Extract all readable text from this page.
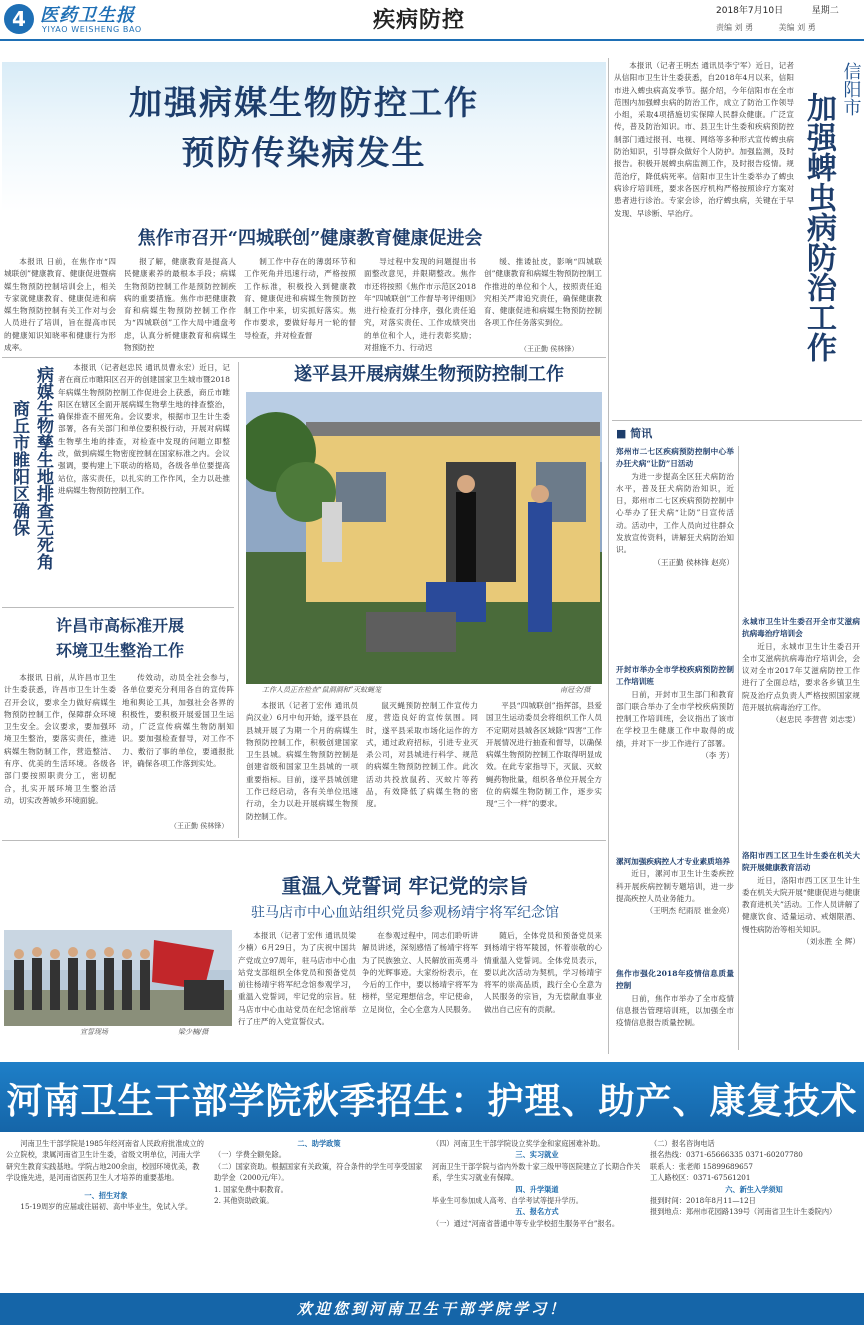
4 医药卫生报
YIYAO WEISHENG BAO	疾病防控	2018年7月10日	星期二
责编 刘 勇	美编 刘 勇
加强病媒生物防控工作
预防传染病发生
焦作市召开“四城联创”健康教育健康促进会

本报讯 日前，在焦作市“四城联创”健康教育、健康促进暨病媒生物预防控制培训会上，相关专家就健康教育、健康促进和病媒生物预防控制有关工作对与会人员进行了培训，旨在提高市民的健康知识知晓率和健康行为形成率。

报了解，健康教育是提高人民健康素养的最根本手段；病媒生物预防控制工作是预防控制疾病的重要措施。焦作市把健康教育和病媒生物预防控制工作作为“四城联创”工作大局中通盘考虑，认真分析健康教育和病媒生物预防控

制工作中存在的薄弱环节和工作死角并迅速行动，严格按照工作标准，积极投入到健康教育、健康促进和病媒生物预防控制工作中来，切实抓好落实。焦作市要求，要做好每月一轮的督导检查，并对检查督

导过程中发现的问题提出书面整改意见，并限期整改。焦作市还将按照《焦作市示范区2018年“四城联创”工作督导考评细则》进行检查打分排序，强化责任追究，对落实责任、工作成绩突出的单位和个人，进行表彰奖励；对措施不力、行动迟

缓、推诿扯皮，影响“四城联创”健康教育和病媒生物预防控制工作推进的单位和个人，按照责任追究相关严肃追究责任，确保健康教育、健康促进和病媒生物预防控制各项工作任务落实到位。

（王正勤 侯林锋）
病媒生物孳生地排查无死角
商丘市睢阳区确保

本报讯（记者赵忠民 通讯员曹永宏）近日，记者在商丘市睢阳区召开的创建国家卫生城市暨2018年病媒生物预防控制工作促进会上获悉，商丘市睢阳区在辖区全面开展病媒生物孳生地的排查整治，确保排查不留死角。会议要求，根据市卫生计生委部署，各有关部门和单位要积极行动，开展对病媒生物孳生地的排查，对检查中发现的问题立即整改，做到病媒生物密度控制在国家标准之内。会议强调，要构建上下联动的格局，各级各单位要提高站位，落实责任，以扎实的工作作风，全力以赴推进病媒生物预防控制工作。

许昌市高标准开展
环境卫生整治工作

本报讯 日前，从许昌市卫生计生委获悉，许昌市卫生计生委召开会议，要求全力做好病媒生物预防控制工作，保障群众环境卫生安全。会议要求，要加强环境卫生整治，要落实责任，推进病媒生物防制工作，营造整洁、有序、优美的生活环境。各级各部门要按照职责分工，密切配合，扎实开展环境卫生整治活动，切实改善城乡环境面貌。

传效动，动员全社会参与，各单位要充分利用各自的宣传阵地和舆论工具，加强社会各界的积极性，要积极开展爱国卫生运动，广泛宣传病媒生物防制知识。要加强检查督导，对工作不力、敷衍了事的单位，要通报批评，确保各项工作落到实处。

（王正勤 侯林锋）
遂平县开展病媒生物预防控制工作
工作人员正在检查“鼠洞洞和”灭蚊蝇笼	南冠全/摄

本报讯（记者丁宏伟 通讯员尚汉业）6月中旬开始，遂平县在县城开展了为期一个月的病媒生物预防控制工作，积极创建国家卫生县城。病媒生物预防控制是创建省级和国家卫生县城的一项重要指标。目前，遂平县城创建工作已经启动，各有关单位迅速行动，全力以赴开展病媒生物预防控制工作。

鼠灭蝇预防控制工作宣传力度，营造良好的宣传氛围。同时，遂平县采取市场化运作的方式，通过政府招标，引进专业灭杀公司，对县城进行科学、规范的病媒生物预防控制工作。此次活动共投放鼠药、灭蚊片等药品，有效降低了病媒生物的密度。

平县“四城联创”指挥部，县爱国卫生运动委员会将组织工作人员不定期对县城各区域除“四害”工作开展情况进行抽查和督导，以确保病媒生物预防控制工作取得明显成效。在此专家指导下，灭鼠、灭蚊蝇药物批量，组织各单位开展全方位的病媒生物防制工作，逐步实现“三个一样”的要求。

重温入党誓词 牢记党的宗旨
驻马店市中心血站组织党员参观杨靖宇将军纪念馆
宣誓现场	梁少楠/摄

本报讯（记者丁宏伟 通讯员梁少楠）6月29日，为了庆祝中国共产党成立97周年，驻马店市中心血站党支部组织全体党员和预备党员前往杨靖宇将军纪念馆参观学习，重温入党誓词，牢记党的宗旨。驻马店市中心血站党员在纪念馆前举行了庄严的入党宣誓仪式。

在参观过程中，同志们聆听讲解员讲述，深刻感悟了杨靖宇将军为了民族独立、人民解放而英勇斗争的光辉事迹。大家纷纷表示，在今后的工作中，要以杨靖宇将军为榜样，坚定理想信念，牢记使命，立足岗位，全心全意为人民服务。

随后，全体党员和预备党员来到杨靖宇将军陵园，怀着崇敬的心情重温入党誓词。全体党员表示，要以此次活动为契机，学习杨靖宇将军的崇高品质，践行全心全意为人民服务的宗旨，为无偿献血事业做出自己应有的贡献。

信阳市
加强蜱虫病防治工作

本报讯（记者王明杰 通讯员李宁军）近日，记者从信阳市卫生计生委获悉，自2018年4月以来，信阳市进入蜱虫病高发季节。据介绍，今年信阳市在全市范围内加强蜱虫病的防治工作，成立了防治工作领导小组，采取4项措施切实保障人民群众健康。广泛宣传，普及防治知识。市、县卫生计生委和疾病预防控制部门通过报刊、电视、网络等多种形式宣传蜱虫病防治知识，引导群众做好个人防护。加强监测，及时报告。积极开展蜱虫病监测工作，及时报告疫情。规范治疗，降低病死率。信阳市卫生计生委举办了蜱虫病诊疗培训班，要求各医疗机构严格按照诊疗方案对患者进行诊治。专家会诊，治疗蜱虫病，关键在于早发现、早诊断、早治疗。

■ 简讯
郑州市二七区疾病预防控制中心举办狂犬病“让防”日活动

为进一步提高全区狂犬病防治水平，普及狂犬病防治知识，近日，郑州市二七区疾病预防控制中心举办了狂犬病“让防”日宣传活动。活动中，工作人员向过往群众发放宣传资料，讲解狂犬病防治知识。

（王正勤 侯林锋 赵亮）
开封市举办全市学校疾病预防控制工作培训班

日前，开封市卫生部门和教育部门联合举办了全市学校疾病预防控制工作培训班，会议指出了该市在学校卫生健康工作中取得的成绩，并对下一步工作进行了部署。

（李 芳）
漯河加强疾病控人才专业素质培养

近日，漯河市卫生计生委疾控科开展疾病控制专题培训，进一步提高疾控人员业务能力。

（王明杰 纪雨辰 崔金亮）
焦作市强化2018年疫情信息质量控制

日前，焦作市举办了全市疫情信息报告管理培训班，以加强全市疫情信息报告质量控制。

永城市卫生计生委召开全市艾滋病抗病毒治疗培训会

近日，永城市卫生计生委召开全市艾滋病抗病毒治疗培训会，会议对全市2017年艾滋病防控工作进行了全面总结，要求各乡镇卫生院及治疗点负责人严格按照国家规范开展抗病毒治疗工作。

（赵忠民 李营营 刘志雯）
洛阳市西工区卫生计生委在机关大院开展健康教育活动

近日，洛阳市西工区卫生计生委在机关大院开展“健康促进与健康教育进机关”活动。工作人员讲解了健康饮食、适量运动、戒烟限酒、慢性病防治等相关知识。

（刘永胜 全 辉）
河南卫生干部学院秋季招生：护理、助产、康复技术

河南卫生干部学院是1985年经河南省人民政府批准成立的公立院校，隶属河南省卫生计生委，省级文明单位，河南大学研究生教育实践基地。学院占地200余亩，校园环境优美，教学设施先进，是河南省医药卫生人才培养的重要基地。

一、招生对象

15-19周岁的应届或往届初、高中毕业生，免试入学。

二、助学政策
（一）学费全额免除。
（二）国家资助。根据国家有关政策，符合条件的学生可享受国家助学金（2000元/年）。
1. 国家免费中职教育。
2. 其他资助政策。
（四）河南卫生干部学院设立奖学金和家庭困难补助。
三、实习就业
河南卫生干部学院与省内外数十家三级甲等医院建立了长期合作关系，学生实习就业有保障。
四、升学渠道
毕业生可参加成人高考、自学考试等提升学历。
五、报名方式
（一）通过“河南省普通中等专业学校招生服务平台”报名。
（二）报名咨询电话
报名热线：0371-65666335 0371-60207780
联系人：张老师 15899689657
工人路校区：0371-67561201
六、新生入学须知
报到时间：2018年8月11—12日
报到地点：郑州市花园路139号（河南省卫生计生委院内）
欢迎您到河南卫生干部学院学习！
